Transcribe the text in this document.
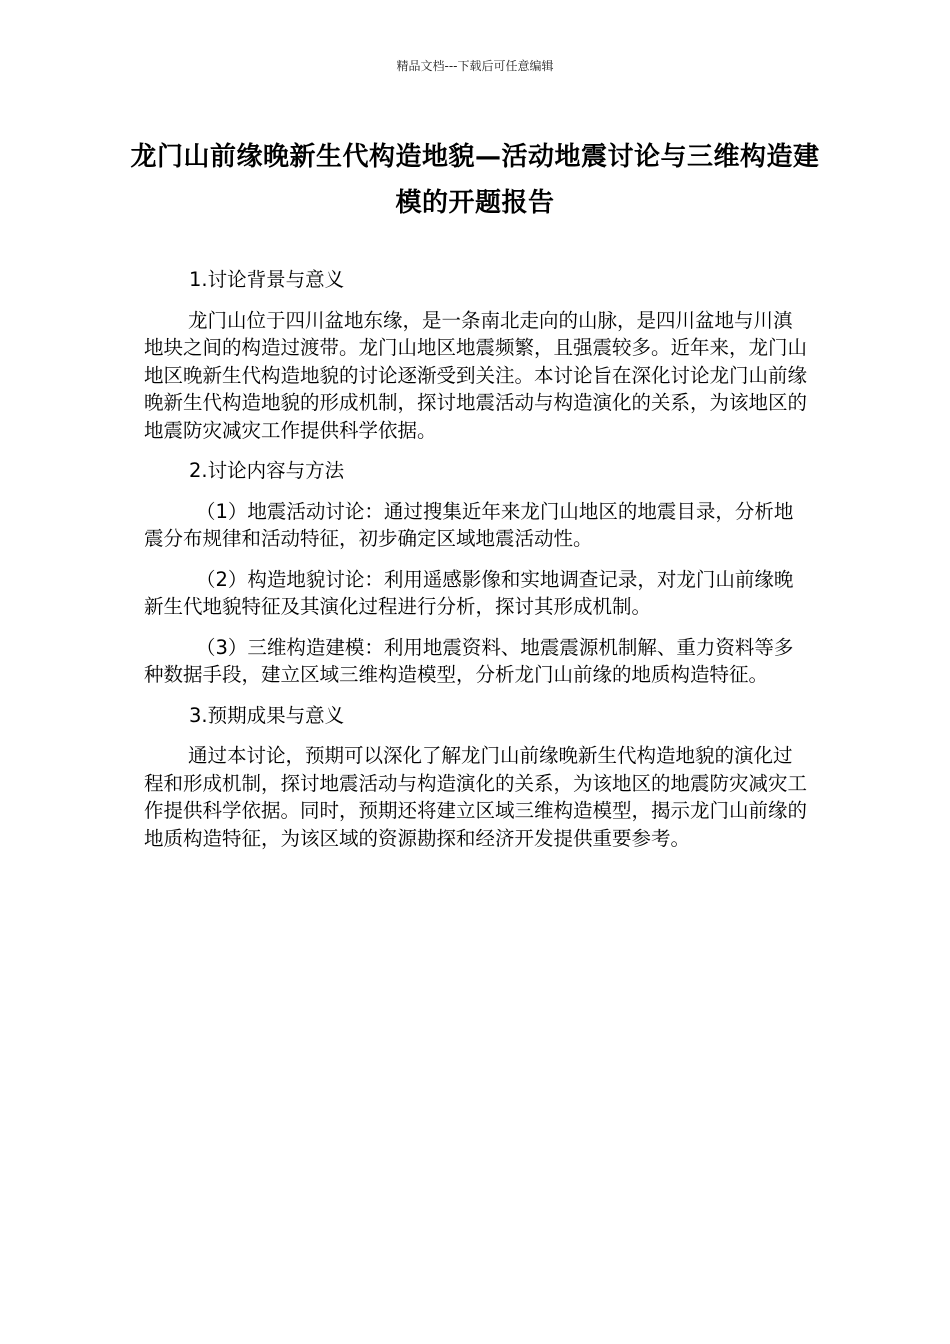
精品文档---下载后可任意编辑
龙门山前缘晚新生代构造地貌—活动地震讨论与三维构造建模的开题报告
1.讨论背景与意义
龙门山位于四川盆地东缘，是一条南北走向的山脉，是四川盆地与川滇地块之间的构造过渡带。龙门山地区地震频繁，且强震较多。近年来，龙门山地区晚新生代构造地貌的讨论逐渐受到关注。本讨论旨在深化讨论龙门山前缘晚新生代构造地貌的形成机制，探讨地震活动与构造演化的关系，为该地区的地震防灾减灾工作提供科学依据。
2.讨论内容与方法
（1）地震活动讨论：通过搜集近年来龙门山地区的地震目录，分析地震分布规律和活动特征，初步确定区域地震活动性。
（2）构造地貌讨论：利用遥感影像和实地调查记录，对龙门山前缘晚新生代地貌特征及其演化过程进行分析，探讨其形成机制。
（3）三维构造建模：利用地震资料、地震震源机制解、重力资料等多种数据手段，建立区域三维构造模型，分析龙门山前缘的地质构造特征。
3.预期成果与意义
通过本讨论，预期可以深化了解龙门山前缘晚新生代构造地貌的演化过程和形成机制，探讨地震活动与构造演化的关系，为该地区的地震防灾减灾工作提供科学依据。同时，预期还将建立区域三维构造模型，揭示龙门山前缘的地质构造特征，为该区域的资源勘探和经济开发提供重要参考。
